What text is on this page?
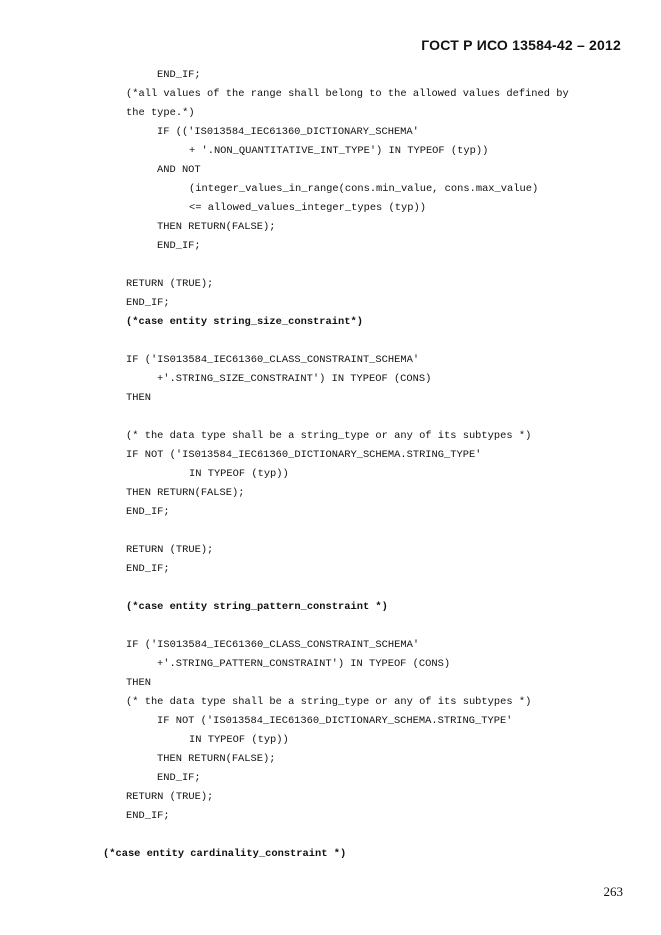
ГОСТ Р ИСО 13584-42 – 2012
END_IF;
(*all values of the range shall belong to the allowed values defined by
the type.*)
IF (('IS013584_IEC61360_DICTIONARY_SCHEMA'
+ '.NON_QUANTITATIVE_INT_TYPE') IN TYPEOF (typ))
AND NOT
(integer_values_in_range(cons.min_value, cons.max_value)
<= allowed_values_integer_types (typ))
THEN RETURN(FALSE);
END_IF;
RETURN (TRUE);
END_IF;
(*case entity string_size_constraint*)
IF ('IS013584_IEC61360_CLASS_CONSTRAINT_SCHEMA'
+'.STRING_SIZE_CONSTRAINT') IN TYPEOF (CONS)
THEN
(* the data type shall be a string_type or any of its subtypes *)
IF NOT ('IS013584_IEC61360_DICTIONARY_SCHEMA.STRING_TYPE'
IN TYPEOF (typ))
THEN RETURN(FALSE);
END_IF;
RETURN (TRUE);
END_IF;
(*case entity string_pattern_constraint *)
IF ('IS013584_IEC61360_CLASS_CONSTRAINT_SCHEMA'
+'.STRING_PATTERN_CONSTRAINT') IN TYPEOF (CONS)
THEN
(* the data type shall be a string_type or any of its subtypes *)
IF NOT ('IS013584_IEC61360_DICTIONARY_SCHEMA.STRING_TYPE'
IN TYPEOF (typ))
THEN RETURN(FALSE);
END_IF;
RETURN (TRUE);
END_IF;
(*case entity cardinality_constraint *)
263
